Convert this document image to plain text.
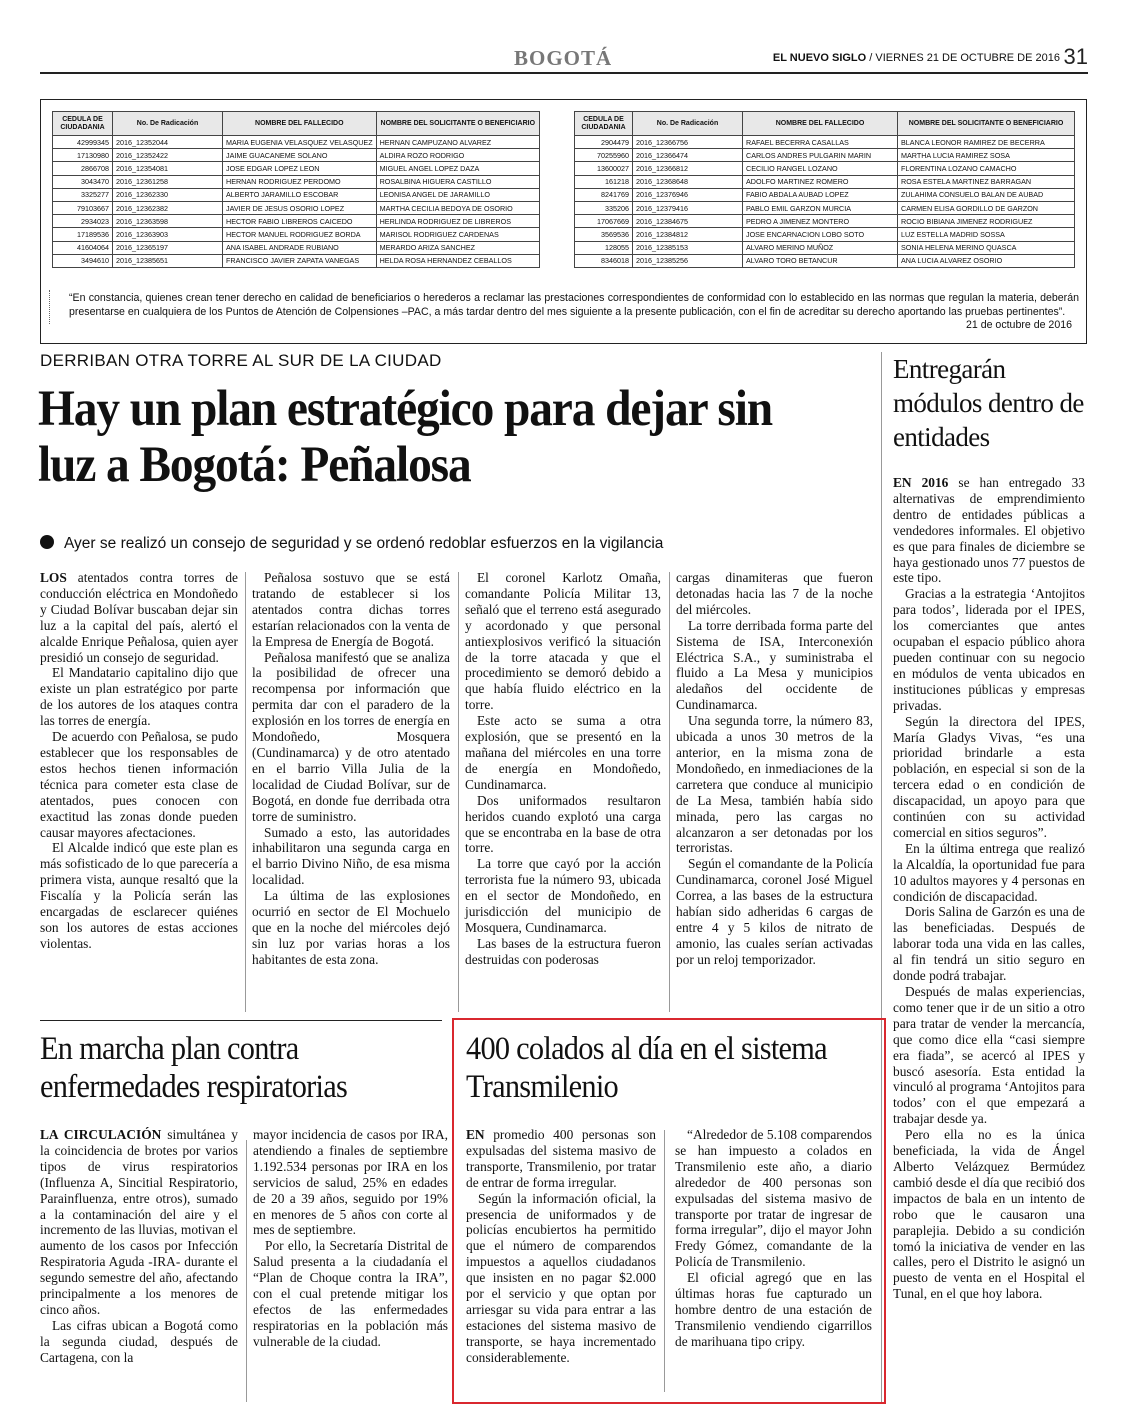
BOGOTÁ	EL NUEVO SIGLO / VIERNES 21 DE OCTUBRE DE 2016 31
CEDULA DE CIUDADANIA	No. De Radicación	NOMBRE DEL FALLECIDO	NOMBRE DEL SOLICITANTE O BENEFICIARIO
42999345	2016_12352044	MARIA EUGENIA VELASQUEZ VELASQUEZ	HERNAN CAMPUZANO ALVAREZ
17130980	2016_12352422	JAIME GUACANEME SOLANO	ALDIRA ROZO RODRIGO
2866708	2016_12354081	JOSE EDGAR LOPEZ LEON	MIGUEL ANGEL LOPEZ DAZA
3043470	2016_12361258	HERNAN RODRIGUEZ PERDOMO	ROSALBINA HIGUERA CASTILLO
3325277	2016_12362330	ALBERTO JARAMILLO ESCOBAR	LEONISA ANGEL DE JARAMILLO
79103667	2016_12362382	JAVIER DE JESUS OSORIO LOPEZ	MARTHA CECILIA BEDOYA DE OSORIO
2934023	2016_12363598	HECTOR FABIO LIBREROS CAICEDO	HERLINDA RODRIGUEZ DE LIBREROS
17189536	2016_12363903	HECTOR MANUEL RODRIGUEZ BORDA	MARISOL RODRIGUEZ CARDENAS
41604064	2016_12365197	ANA ISABEL ANDRADE RUBIANO	MERARDO ARIZA SANCHEZ
3494610	2016_12385651	FRANCISCO JAVIER ZAPATA VANEGAS	HELDA ROSA HERNANDEZ CEBALLOS
CEDULA DE CIUDADANIA	No. De Radicación	NOMBRE DEL FALLECIDO	NOMBRE DEL SOLICITANTE O BENEFICIARIO
2904479	2016_12366756	RAFAEL BECERRA CASALLAS	BLANCA LEONOR RAMIREZ DE BECERRA
70255960	2016_12366474	CARLOS ANDRES PULGARIN MARIN	MARTHA LUCIA RAMIREZ SOSA
13600027	2016_12366812	CECILIO RANGEL LOZANO	FLORENTINA LOZANO CAMACHO
161218	2016_12368648	ADOLFO MARTINEZ ROMERO	ROSA ESTELA MARTINEZ BARRAGAN
8241769	2016_12376946	FABIO ABDALA AUBAD LOPEZ	ZULAHIMA CONSUELO BALAN DE AUBAD
335206	2016_12379416	PABLO EMIL GARZON MURCIA	CARMEN ELISA GORDILLO DE GARZON
17067669	2016_12384675	PEDRO A JIMENEZ MONTERO	ROCIO BIBIANA JIMENEZ RODRIGUEZ
3569536	2016_12384812	JOSE ENCARNACION LOBO SOTO	LUZ ESTELLA MADRID SOSSA
128055	2016_12385153	ALVARO MERINO MUÑOZ	SONIA HELENA MERINO QUASCA
8346018	2016_12385256	ALVARO TORO BETANCUR	ANA LUCIA ALVAREZ OSORIO
“En constancia, quienes crean tener derecho en calidad de beneficiarios o herederos a reclamar las prestaciones correspondientes de conformidad con lo establecido en las normas que regulan la materia, deberán presentarse en cualquiera de los Puntos de Atención de Colpensiones –PAC, a más tardar dentro del mes siguiente a la presente publicación, con el fin de acreditar su derecho aportando las pruebas pertinentes”.
21 de octubre de 2016
DERRIBAN OTRA TORRE AL SUR DE LA CIUDAD
Hay un plan estratégico para dejar sin luz a Bogotá: Peñalosa
Ayer se realizó un consejo de seguridad y se ordenó redoblar esfuerzos en la vigilancia

LOS atentados contra torres de conducción eléctrica en Mondoñedo y Ciudad Bolívar buscaban dejar sin luz a la capital del país, alertó el alcalde Enrique Peñalosa, quien ayer presidió un consejo de seguridad.

El Mandatario capitalino dijo que existe un plan estratégico por parte de los autores de los ataques contra las torres de energía.

De acuerdo con Peñalosa, se pudo establecer que los responsables de estos hechos tienen información técnica para cometer esta clase de atentados, pues conocen con exactitud las zonas donde pueden causar mayores afectaciones.

El Alcalde indicó que este plan es más sofisticado de lo que parecería a primera vista, aunque resaltó que la Fiscalía y la Policía serán las encargadas de esclarecer quiénes son los autores de estas acciones violentas.

Peñalosa sostuvo que se está tratando de establecer si los atentados contra dichas torres estarían relacionados con la venta de la Empresa de Energía de Bogotá.

Peñalosa manifestó que se analiza la posibilidad de ofrecer una recompensa por información que permita dar con el paradero de la explosión en los torres de energía en Mondoñedo, Mosquera (Cundinamarca) y de otro atentado en el barrio Villa Julia de la localidad de Ciudad Bolívar, sur de Bogotá, en donde fue derribada otra torre de suministro.

Sumado a esto, las autoridades inhabilitaron una segunda carga en el barrio Divino Niño, de esa misma localidad.

La última de las explosiones ocurrió en sector de El Mochuelo que en la noche del miércoles dejó sin luz por varias horas a los habitantes de esta zona.

El coronel Karlotz Omaña, comandante Policía Militar 13, señaló que el terreno está asegurado y acordonado y que personal antiexplosivos verificó la situación de la torre atacada y que el procedimiento se demoró debido a que había fluido eléctrico en la torre.

Este acto se suma a otra explosión, que se presentó en la mañana del miércoles en una torre de energía en Mondoñedo, Cundinamarca.

Dos uniformados resultaron heridos cuando explotó una carga que se encontraba en la base de otra torre.

La torre que cayó por la acción terrorista fue la número 93, ubicada en el sector de Mondoñedo, en jurisdicción del municipio de Mosquera, Cundinamarca.

Las bases de la estructura fueron destruidas con poderosas

cargas dinamiteras que fueron detonadas hacia las 7 de la noche del miércoles.

La torre derribada forma parte del Sistema de ISA, Interconexión Eléctrica S.A., y suministraba el fluido a La Mesa y municipios aledaños del occidente de Cundinamarca.

Una segunda torre, la número 83, ubicada a unos 30 metros de la anterior, en la misma zona de Mondoñedo, en inmediaciones de la carretera que conduce al municipio de La Mesa, también había sido minada, pero las cargas no alcanzaron a ser detonadas por los terroristas.

Según el comandante de la Policía Cundinamarca, coronel José Miguel Correa, a las bases de la estructura habían sido adheridas 6 cargas de entre 4 y 5 kilos de nitrato de amonio, las cuales serían activadas por un reloj temporizador.

En marcha plan contra enfermedades respiratorias

LA CIRCULACIÓN simultánea y la coincidencia de brotes por varios tipos de virus respiratorios (Influenza A, Sincitial Respiratorio, Parainfluenza, entre otros), sumado a la contaminación del aire y el incremento de las lluvias, motivan el aumento de los casos por Infección Respiratoria Aguda -IRA- durante el segundo semestre del año, afectando principalmente a los menores de cinco años.

Las cifras ubican a Bogotá como la segunda ciudad, después de Cartagena, con la

mayor incidencia de casos por IRA, atendiendo a finales de septiembre 1.192.534 personas por IRA en los servicios de salud, 25% en edades de 20 a 39 años, seguido por 19% en menores de 5 años con corte al mes de septiembre.

Por ello, la Secretaría Distrital de Salud presenta a la ciudadanía el “Plan de Choque contra la IRA”, con el cual pretende mitigar los efectos de las enfermedades respiratorias en la población más vulnerable de la ciudad.

400 colados al día en el sistema Transmilenio

EN promedio 400 personas son expulsadas del sistema masivo de transporte, Transmilenio, por tratar de entrar de forma irregular.

Según la información oficial, la presencia de uniformados y de policías encubiertos ha permitido que el número de comparendos impuestos a aquellos ciudadanos que insisten en no pagar $2.000 por el servicio y que optan por arriesgar su vida para entrar a las estaciones del sistema masivo de transporte, se haya incrementado considerablemente.

“Alrededor de 5.108 comparendos se han impuesto a colados en Transmilenio este año, a diario alrededor de 400 personas son expulsadas del sistema masivo de transporte por tratar de ingresar de forma irregular”, dijo el mayor John Fredy Gómez, comandante de la Policía de Transmilenio.

El oficial agregó que en las últimas horas fue capturado un hombre dentro de una estación de Transmilenio vendiendo cigarrillos de marihuana tipo cripy.

Entregarán módulos dentro de entidades

EN 2016 se han entregado 33 alternativas de emprendimiento dentro de entidades públicas a vendedores informales. El objetivo es que para finales de diciembre se haya gestionado unos 77 puestos de este tipo.

Gracias a la estrategia ‘Antojitos para todos’, liderada por el IPES, los comerciantes que antes ocupaban el espacio público ahora pueden continuar con su negocio en módulos de venta ubicados en instituciones públicas y empresas privadas.

Según la directora del IPES, María Gladys Vivas, “es una prioridad brindarle a esta población, en especial si son de la tercera edad o en condición de discapacidad, un apoyo para que continúen con su actividad comercial en sitios seguros”.

En la última entrega que realizó la Alcaldía, la oportunidad fue para 10 adultos mayores y 4 personas en condición de discapacidad.

Doris Salina de Garzón es una de las beneficiadas. Después de laborar toda una vida en las calles, al fin tendrá un sitio seguro en donde podrá trabajar.

Después de malas experiencias, como tener que ir de un sitio a otro para tratar de vender la mercancía, que como dice ella “casi siempre era fiada”, se acercó al IPES y buscó asesoría. Esta entidad la vinculó al programa ‘Antojitos para todos’ con el que empezará a trabajar desde ya.

Pero ella no es la única beneficiada, la vida de Ángel Alberto Velázquez Bermúdez cambió desde el día que recibió dos impactos de bala en un intento de robo que le causaron una paraplejia. Debido a su condición tomó la iniciativa de vender en las calles, pero el Distrito le asignó un puesto de venta en el Hospital el Tunal, en el que hoy labora.
